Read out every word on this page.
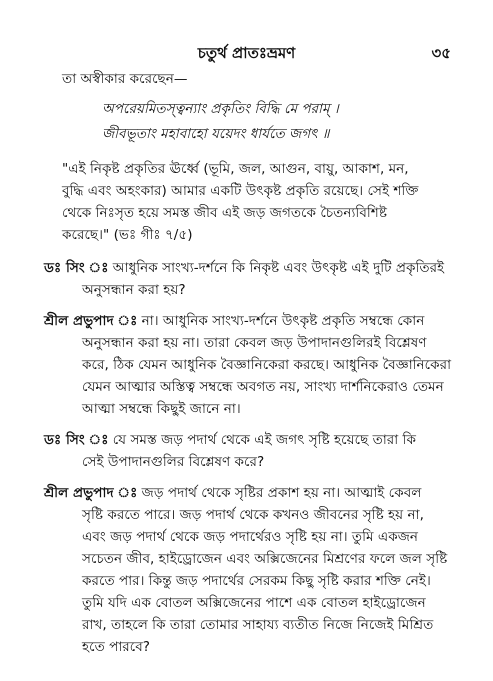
চতুর্থ প্রাতঃভ্রমণ	৩৫
তা অস্বীকার করেছেন—
অপরেয়মিতস্ত্বন্যাং প্রকৃতিং বিদ্ধি মে পরাম্ ।
জীবভূতাং মহাবাহো যয়েদং ধার্যতে জগৎ ॥
"এই নিকৃষ্ট প্রকৃতির ঊর্ধ্বে (ভূমি, জল, আগুন, বায়ু, আকাশ, মন,
বুদ্ধি এবং অহংকার) আমার একটি উৎকৃষ্ট প্রকৃতি রয়েছে। সেই শক্তি
থেকে নিঃসৃত হয়ে সমস্ত জীব এই জড় জগতকে চৈতন্যবিশিষ্ট
করেছে।" (ভঃ গীঃ ৭/৫)
ডঃ সিং ঃ আধুনিক সাংখ্য-দর্শনে কি নিকৃষ্ট এবং উৎকৃষ্ট এই দুটি প্রকৃতিরই
অনুসন্ধান করা হয়?
শ্রীল প্রভুপাদ ঃ না। আধুনিক সাংখ্য-দর্শনে উৎকৃষ্ট প্রকৃতি সম্বন্ধে কোন
অনুসন্ধান করা হয় না। তারা কেবল জড় উপাদানগুলিরই বিশ্লেষণ
করে, ঠিক যেমন আধুনিক বৈজ্ঞানিকেরা করছে। আধুনিক বৈজ্ঞানিকেরা
যেমন আত্মার অস্তিত্ব সম্বন্ধে অবগত নয়, সাংখ্য দার্শনিকেরাও তেমন
আত্মা সম্বন্ধে কিছুই জানে না।
ডঃ সিং ঃ যে সমস্ত জড় পদার্থ থেকে এই জগৎ সৃষ্টি হয়েছে তারা কি
সেই উপাদানগুলির বিশ্লেষণ করে?
শ্রীল প্রভুপাদ ঃ জড় পদার্থ থেকে সৃষ্টির প্রকাশ হয় না। আত্মাই কেবল
সৃষ্টি করতে পারে। জড় পদার্থ থেকে কখনও জীবনের সৃষ্টি হয় না,
এবং জড় পদার্থ থেকে জড় পদার্থেরও সৃষ্টি হয় না। তুমি একজন
সচেতন জীব, হাইড্রোজেন এবং অক্সিজেনের মিশ্রণের ফলে জল সৃষ্টি
করতে পার। কিন্তু জড় পদার্থের সেরকম কিছু সৃষ্টি করার শক্তি নেই।
তুমি যদি এক বোতল অক্সিজেনের পাশে এক বোতল হাইড্রোজেন
রাখ, তাহলে কি তারা তোমার সাহায্য ব্যতীত নিজে নিজেই মিশ্রিত
হতে পারবে?
